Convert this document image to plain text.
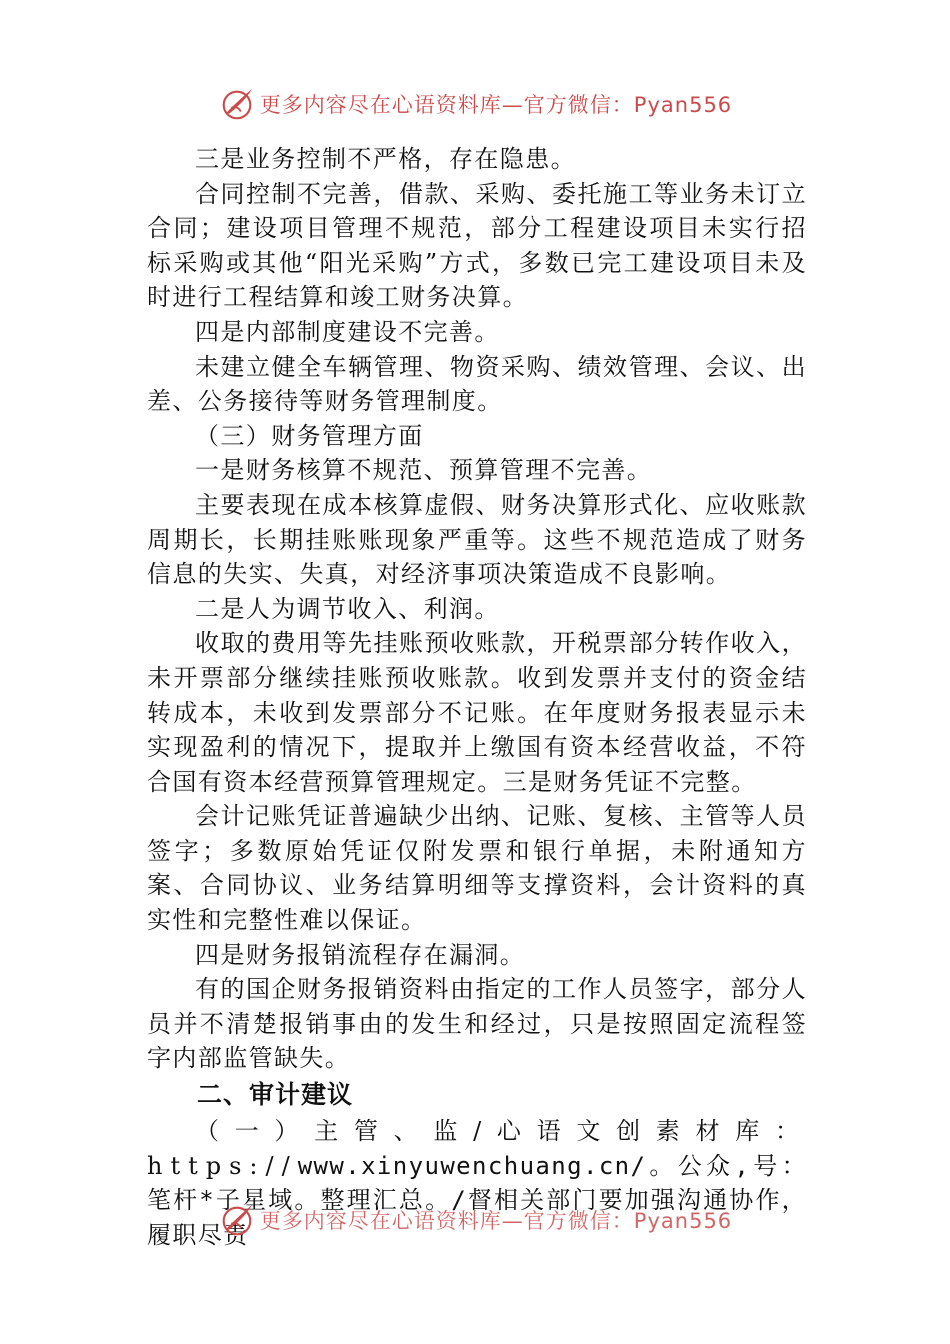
更多内容尽在心语资料库—官方微信：Pyan556

三是业务控制不严格，存在隐患。

合同控制不完善，借款、采购、委托施工等业务未订立合同；建设项目管理不规范，部分工程建设项目未实行招标采购或其他“阳光采购”方式，多数已完工建设项目未及时进行工程结算和竣工财务决算。

四是内部制度建设不完善。

未建立健全车辆管理、物资采购、绩效管理、会议、出差、公务接待等财务管理制度。

（三）财务管理方面

一是财务核算不规范、预算管理不完善。

主要表现在成本核算虚假、财务决算形式化、应收账款周期长，长期挂账账现象严重等。这些不规范造成了财务信息的失实、失真，对经济事项决策造成不良影响。

二是人为调节收入、利润。

收取的费用等先挂账预收账款，开税票部分转作收入，未开票部分继续挂账预收账款。收到发票并支付的资金结转成本，未收到发票部分不记账。在年度财务报表显示未实现盈利的情况下，提取并上缴国有资本经营收益，不符合国有资本经营预算管理规定。三是财务凭证不完整。

会计记账凭证普遍缺少出纳、记账、复核、主管等人员签字；多数原始凭证仅附发票和银行单据，未附通知方案、合同协议、业务结算明细等支撑资料，会计资料的真实性和完整性难以保证。

四是财务报销流程存在漏洞。

有的国企财务报销资料由指定的工作人员签字，部分人员并不清楚报销事由的发生和经过，只是按照固定流程签字内部监管缺失。

二、审计建议

（一）主管、监/心语文创素材库：https://www.xinyuwenchuang.cn/。公众,号：笔杆*子星域。整理汇总。/督相关部门要加强沟通协作，履职尽责 更多内容尽在心语资料库—官方微信：Pyan556
